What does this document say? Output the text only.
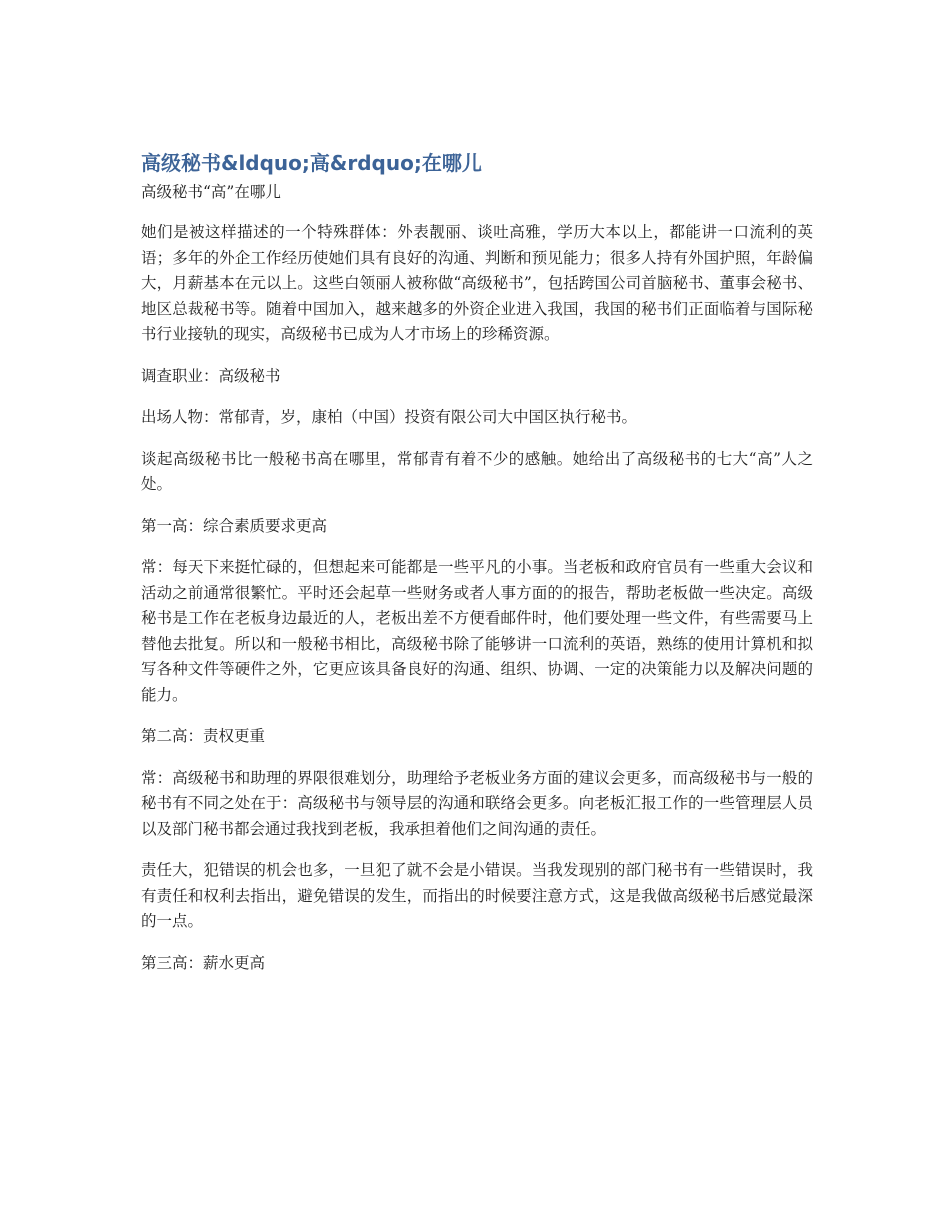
高级秘书&ldquo;高&rdquo;在哪儿
高级秘书“高”在哪儿

她们是被这样描述的一个特殊群体：外表靓丽、谈吐高雅，学历大本以上，都能讲一口流利的英语；多年的外企工作经历使她们具有良好的沟通、判断和预见能力；很多人持有外国护照，年龄偏大，月薪基本在元以上。这些白领丽人被称做“高级秘书”，包括跨国公司首脑秘书、董事会秘书、地区总裁秘书等。随着中国加入，越来越多的外资企业进入我国，我国的秘书们正面临着与国际秘书行业接轨的现实，高级秘书已成为人才市场上的珍稀资源。

调查职业：高级秘书

出场人物：常郁青，岁，康柏（中国）投资有限公司大中国区执行秘书。

谈起高级秘书比一般秘书高在哪里，常郁青有着不少的感触。她给出了高级秘书的七大“高”人之处。

第一高：综合素质要求更高

常：每天下来挺忙碌的，但想起来可能都是一些平凡的小事。当老板和政府官员有一些重大会议和活动之前通常很繁忙。平时还会起草一些财务或者人事方面的的报告，帮助老板做一些决定。高级秘书是工作在老板身边最近的人，老板出差不方便看邮件时，他们要处理一些文件，有些需要马上替他去批复。所以和一般秘书相比，高级秘书除了能够讲一口流利的英语，熟练的使用计算机和拟写各种文件等硬件之外，它更应该具备良好的沟通、组织、协调、一定的决策能力以及解决问题的能力。

第二高：责权更重

常：高级秘书和助理的界限很难划分，助理给予老板业务方面的建议会更多，而高级秘书与一般的秘书有不同之处在于：高级秘书与领导层的沟通和联络会更多。向老板汇报工作的一些管理层人员以及部门秘书都会通过我找到老板，我承担着他们之间沟通的责任。

责任大，犯错误的机会也多，一旦犯了就不会是小错误。当我发现别的部门秘书有一些错误时，我有责任和权利去指出，避免错误的发生，而指出的时候要注意方式，这是我做高级秘书后感觉最深的一点。

第三高：薪水更高
